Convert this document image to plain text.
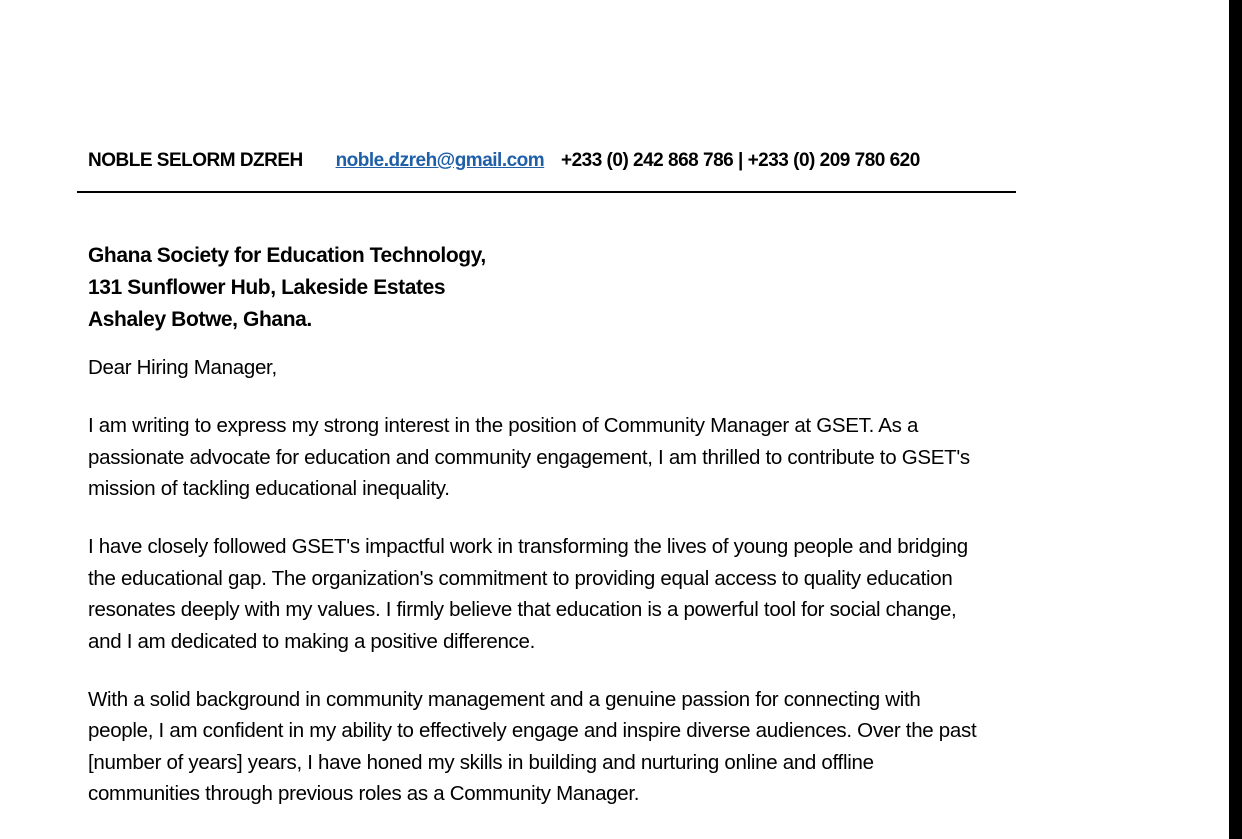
NOBLE SELORM DZREH noble.dzreh@gmail.com +233 (0) 242 868 786 | +233 (0) 209 780 620
Ghana Society for Education Technology,
131 Sunflower Hub, Lakeside Estates
Ashaley Botwe, Ghana.

Dear Hiring Manager,

I am writing to express my strong interest in the position of Community Manager at GSET. As a
passionate advocate for education and community engagement, I am thrilled to contribute to GSET's
mission of tackling educational inequality.

I have closely followed GSET's impactful work in transforming the lives of young people and bridging
the educational gap. The organization's commitment to providing equal access to quality education
resonates deeply with my values. I firmly believe that education is a powerful tool for social change,
and I am dedicated to making a positive difference.

With a solid background in community management and a genuine passion for connecting with
people, I am confident in my ability to effectively engage and inspire diverse audiences. Over the past
[number of years] years, I have honed my skills in building and nurturing online and offline
communities through previous roles as a Community Manager.
